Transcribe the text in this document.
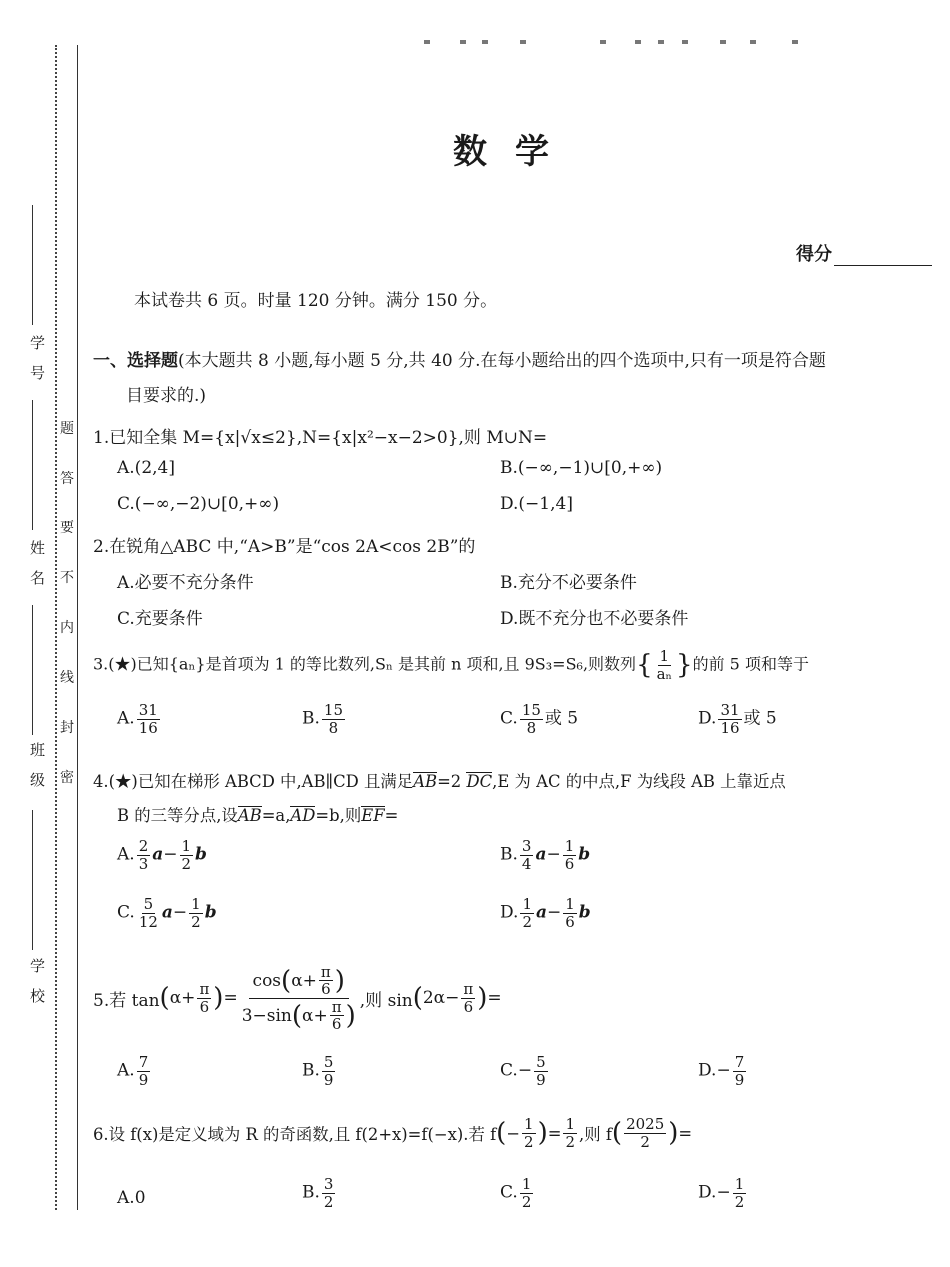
学　号
姓　名
班　级
学　校
题
答
要
不
内
线
封
密
数学
得分
本试卷共 6 页。时量 120 分钟。满分 150 分。
一、选择题(本大题共 8 小题,每小题 5 分,共 40 分.在每小题给出的四个选项中,只有一项是符合题
目要求的.)
1.已知全集 M={x|√x≤2},N={x|x²−x−2>0},则 M∪N=
A.(2,4]	B.(−∞,−1)∪[0,+∞)
C.(−∞,−2)∪[0,+∞)	D.(−1,4]
2.在锐角△ABC 中,“A>B”是“cos 2A<cos 2B”的
A.必要不充分条件	B.充分不必要条件
C.充要条件	D.既不充分也不必要条件
3.(★)已知{aₙ}是首项为 1 的等比数列,Sₙ 是其前 n 项和,且 9S₃=S₆,则数列{ $\frac{1}{\text{aₙ}}$ }的前 5 项和等于
A. $\frac{31}{16}$	B. $\frac{15}{8}$	C. $\frac{15}{8}$ 或 5	D. $\frac{31}{16}$ 或 5
4.(★)已知在梯形 ABCD 中,AB∥CD 且满足AB=2 DC,E 为 AC 的中点,F 为线段 AB 上靠近点
B 的三等分点,设AB=a,AD=b,则EF=
A. $\frac{2}{3} a- \frac{1}{2}$ b	B. $\frac{3}{4} a- \frac{1}{6}$ b
C. $\frac{5}{12} a- \frac{1}{2}$ b	D. $\frac{1}{2} a- \frac{1}{6}$ b
5.若 tan ( $\alpha+ \frac{\pi}{6}$ ) = $\frac{\cos ( \alpha+ \frac{\pi}{6} )}{3-\sin ( \alpha+ \frac{\pi}{6} )}$ ,则 sin ( $2\alpha- \frac{\pi}{6}$ ) =
A. $\frac{7}{9}$	B. $\frac{5}{9}$	$C.- \frac{5}{9}$	$D.- \frac{7}{9}$
6.设 f(x)是定义域为 R 的奇函数,且 f(2+x)=f(−x).若 f ( − $\frac{1}{2}$ ) = $\frac{1}{2}$ ,则 f ( $\frac{2025}{2}$ ) =
A.0	B. $\frac{3}{2}$	C. $\frac{1}{2}$	$D.- \frac{1}{2}$
